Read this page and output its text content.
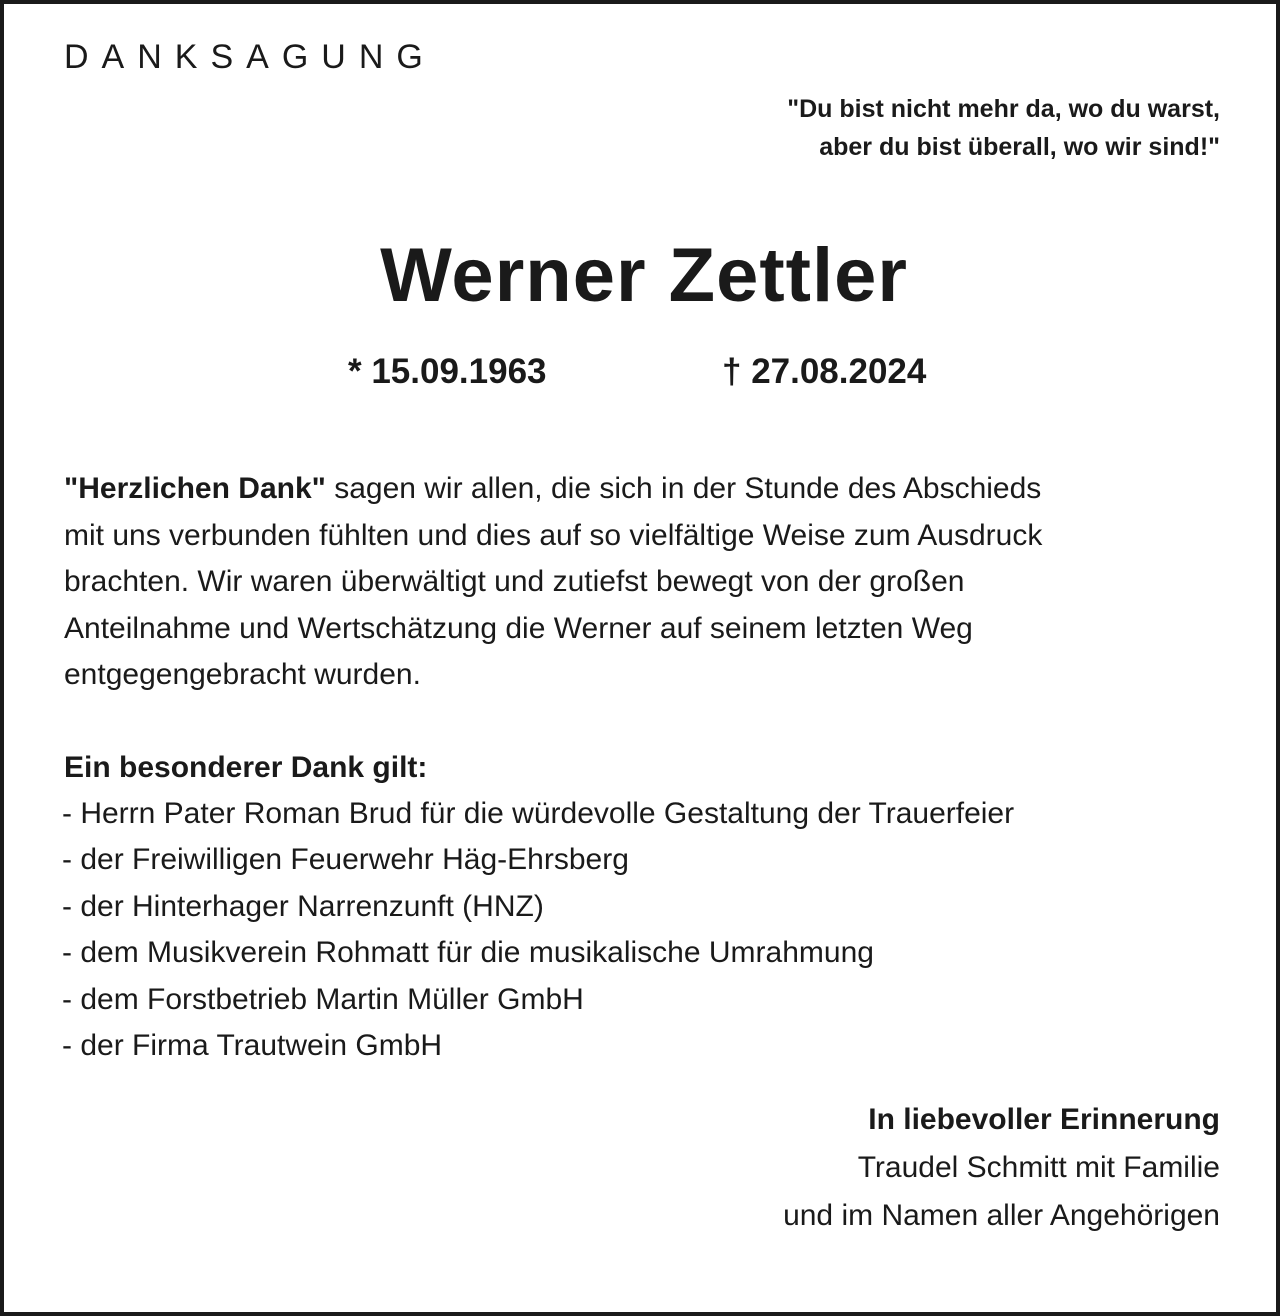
DANKSAGUNG
"Du bist nicht mehr da, wo du warst,
aber du bist überall, wo wir sind!"
Werner Zettler
* 15.09.1963	† 27.08.2024
"Herzlichen Dank" sagen wir allen, die sich in der Stunde des Abschieds
mit uns verbunden fühlten und dies auf so vielfältige Weise zum Ausdruck
brachten. Wir waren überwältigt und zutiefst bewegt von der großen
Anteilnahme und Wertschätzung die Werner auf seinem letzten Weg
entgegengebracht wurden.
Ein besonderer Dank gilt:
- Herrn Pater Roman Brud für die würdevolle Gestaltung der Trauerfeier
- der Freiwilligen Feuerwehr Häg-Ehrsberg
- der Hinterhager Narrenzunft (HNZ)
- dem Musikverein Rohmatt für die musikalische Umrahmung
- dem Forstbetrieb Martin Müller GmbH
- der Firma Trautwein GmbH
In liebevoller Erinnerung
Traudel Schmitt mit Familie
und im Namen aller Angehörigen
